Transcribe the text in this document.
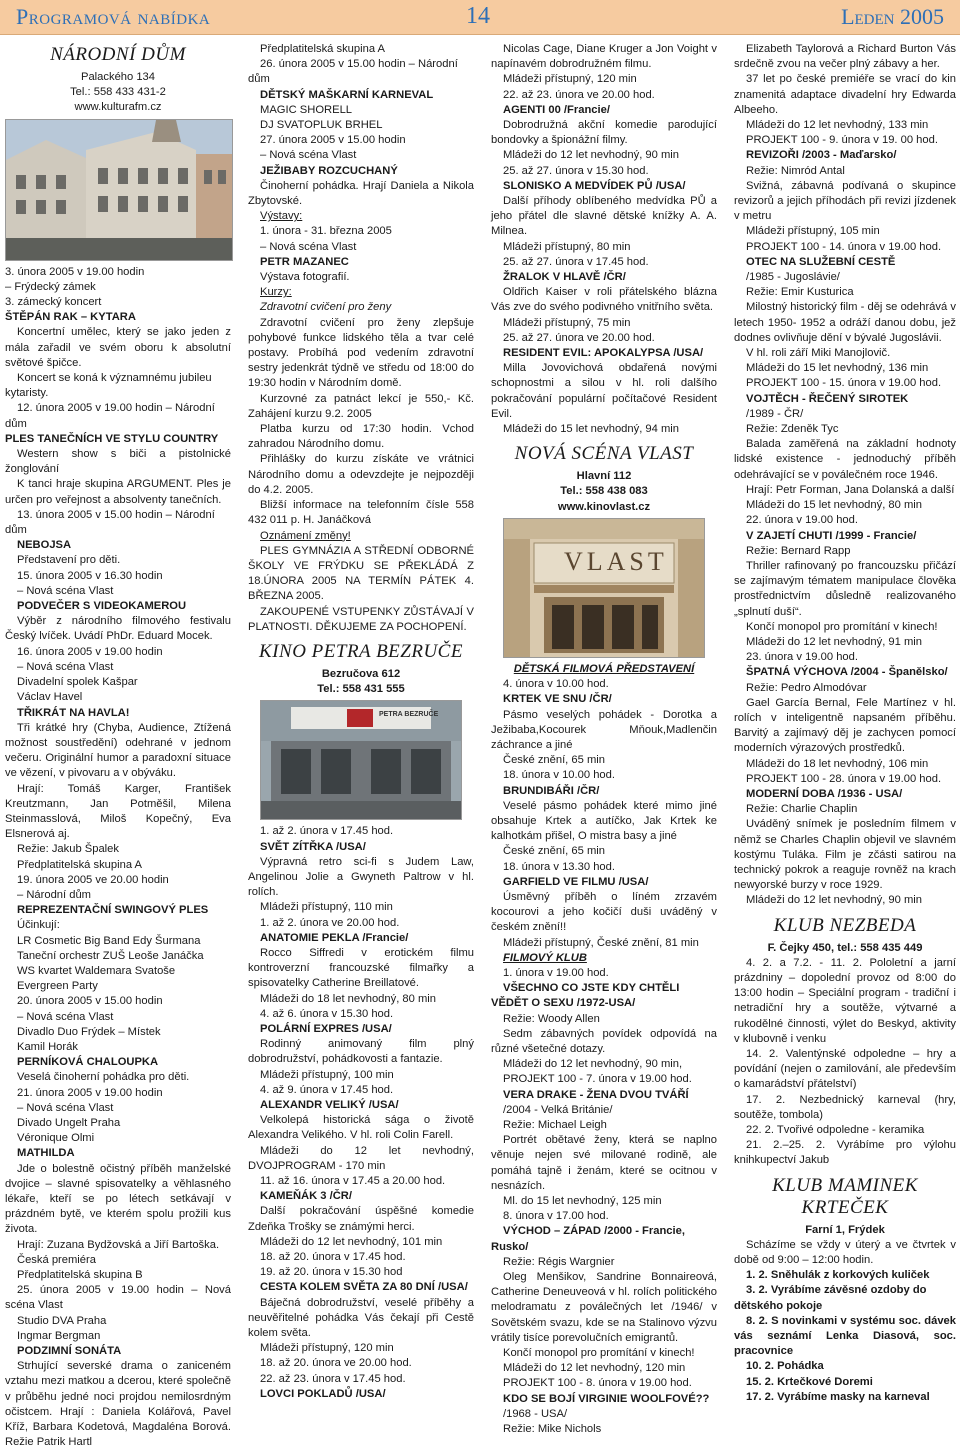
Programová nabídka	14	Leden 2005
NÁRODNÍ DŮM

Palackého 134

Tel.: 558 433 431-2

www.kulturafm.cz

3. února 2005 v 19.00 hodin

– Frýdecký zámek

3. zámecký koncert

ŠTĚPÁN RAK – KYTARA

Koncertní umělec, který se jako jeden z mála zařadil ve svém oboru k absolutní světové špičce.

Koncert se koná k významnému jubileu kytaristy.

12. února 2005 v 19.00 hodin – Národní dům

PLES TANEČNÍCH VE STYLU COUNTRY

Western show s biči a pistolnické žonglování

K tanci hraje skupina ARGUMENT. Ples je určen pro veřejnost a absolventy tanečních.

13. února 2005 v 15.00 hodin – Národní dům

NEBOJSA

Představení pro děti.

15. února 2005 v 16.30 hodin

– Nová scéna Vlast

PODVEČER S VIDEOKAMEROU

Výběr z národního filmového festivalu Český lvíček. Uvádí PhDr. Eduard Mocek.

16. února 2005 v 19.00 hodin

– Nová scéna Vlast

Divadelní spolek Kašpar

Václav Havel

TŘIKRÁT NA HAVLA!

Tři krátké hry (Chyba, Audience, Ztížená možnost soustředění) odehrané v jednom večeru. Originální humor a paradoxní situace ve vězení, v pivovaru a v obýváku.

Hrají: Tomáš Karger, František Kreutzmann, Jan Potměšil, Milena Steinmasslová, Miloš Kopečný, Eva Elsnerová aj.

Režie: Jakub Špalek

Předplatitelská skupina A

19. února 2005 ve 20.00 hodin

– Národní dům

REPREZENTAČNÍ SWINGOVÝ PLES

Účinkují:

LR Cosmetic Big Band Edy Šurmana

Taneční orchestr ZUŠ Leoše Janáčka

WS kvartet Waldemara Svatoše

Evergreen Party

20. února 2005 v 15.00 hodin

– Nová scéna Vlast

Divadlo Duo Frýdek – Místek

Kamil Horák

PERNÍKOVÁ CHALOUPKA

Veselá činoherní pohádka pro děti.

21. února 2005 v 19.00 hodin

– Nová scéna Vlast

Divado Ungelt Praha

Véronique Olmi

MATHILDA

Jde o bolestně očistný příběh manželské dvojice – slavné spisovatelky a věhlasného lékaře, kteří se po létech setkávají v prázdném bytě, ve kterém spolu prožili kus života.

Hrají: Zuzana Bydžovská a Jiří Bartoška.

Česká premiéra

Předplatitelská skupina B

25. února 2005 v 19.00 hodin – Nová scéna Vlast

Studio DVA Praha

Ingmar Bergman

PODZIMNÍ SONÁTA

Strhující severské drama o zaniceném vztahu mezi matkou a dcerou, které společně v průběhu jedné noci projdou nemilosrdným očistcem. Hrají : Daniela Kolářová, Pavel Kříž, Barbara Kodetová, Magdaléna Borová. Režie Patrik Hartl

Předplatitelská skupina A

26. února 2005 v 15.00 hodin – Národní dům

DĚTSKÝ MAŠKARNÍ KARNEVAL

MAGIC SHORELL

DJ SVATOPLUK BRHEL

27. února 2005 v 15.00 hodin

– Nová scéna Vlast

JEŽIBABY ROZCUCHANÝ

Činoherní pohádka. Hrají Daniela a Nikola Zbytovské.

Výstavy:

1. února - 31. března 2005

– Nová scéna Vlast

PETR MAZANEC

Výstava fotografií.

Kurzy:

Zdravotní cvičení pro ženy

Zdravotní cvičení pro ženy zlepšuje pohybové funkce lidského těla a tvar celé postavy. Probíhá pod vedením zdravotní sestry jedenkrát týdně ve středu od 18:00 do 19:30 hodin v Národním domě.

Kurzovné za patnáct lekcí je 550,- Kč. Zahájení kurzu 9.2. 2005

Platba kurzu od 17:30 hodin. Vchod zahradou Národního domu.

Přihlášky do kurzu získáte ve vrátnici Národního domu a odevzdejte je nejpozději do 4.2. 2005.

Bližší informace na telefonním čísle 558 432 011 p. H. Janáčková

Oznámení změny!

PLES GYMNÁZIA A STŘEDNÍ ODBORNÉ ŠKOLY VE FRÝDKU SE PŘEKLÁDÁ Z 18.ÚNORA 2005 NA TERMÍN PÁTEK 4. BŘEZNA 2005.

ZAKOUPENÉ VSTUPENKY ZŮSTÁVAJÍ V PLATNOSTI. DĚKUJEME ZA POCHOPENÍ.

KINO PETRA BEZRUČE

Bezručova 612

Tel.: 558 431 555

PETRA BEZRUČE

1. až 2. února v 17.45 hod.

SVĚT ZÍTŘKA /USA/

Výpravná retro sci-fi s Judem Law, Angelinou Jolie a Gwyneth Paltrow v hl. rolích.

Mládeži přístupný, 110 min

1. až 2. února ve 20.00 hod.

ANATOMIE PEKLA /Francie/

Rocco Siffredi v erotickém filmu kontroverzní francouzské filmařky a spisovatelky Catherine Breillatové.

Mládeži do 18 let nevhodný, 80 min

4. až 6. února v 15.30 hod.

POLÁRNÍ EXPRES /USA/

Rodinný animovaný film plný dobrodružství, pohádkovosti a fantazie.

Mládeži přístupný, 100 min

4. až 9. února v 17.45 hod.

ALEXANDR VELIKÝ /USA/

Velkolepá historická sága o životě Alexandra Velikého. V hl. roli Colin Farell.

Mládeži do 12 let nevhodný, DVOJPROGRAM - 170 min

11. až 16. února v 17.45 a 20.00 hod.

KAMEŇÁK 3 /ČR/

Další pokračování úspěšné komedie Zdeňka Trošky se známými herci.

Mládeži do 12 let nevhodný, 101 min

18. až 20. února v 17.45 hod.

19. až 20. února v 15.30 hod

CESTA KOLEM SVĚTA ZA 80 DNÍ /USA/

Báječná dobrodružství, veselé příběhy a neuvěřitelné pohádka Vás čekají při Cestě kolem světa.

Mládeži přístupný, 120 min

18. až 20. února ve 20.00 hod.

22. až 23. února v 17.45 hod.

LOVCI POKLADŮ /USA/

Nicolas Cage, Diane Kruger a Jon Voight v napínavém dobrodružném filmu.

Mládeži přístupný, 120 min

22. až 23. února ve 20.00 hod.

AGENTI 00 /Francie/

Dobrodružná akční komedie parodující bondovky a špionážní filmy.

Mládeži do 12 let nevhodný, 90 min

25. až 27. února v 15.30 hod.

SLONISKO A MEDVÍDEK PŮ /USA/

Další příhody oblíbeného medvídka PŮ a jeho přátel dle slavné dětské knížky A. A. Milnea.

Mládeži přístupný, 80 min

25. až 27. února v 17.45 hod.

ŽRALOK V HLAVĚ /ČR/

Oldřich Kaiser v roli přátelského blázna Vás zve do svého podivného vnitřního světa.

Mládeži přístupný, 75 min

25. až 27. února ve 20.00 hod.

RESIDENT EVIL: APOKALYPSA /USA/

Milla Jovovichová obdařená novými schopnostmi a silou v hl. roli dalšího pokračování populární počítačové Resident Evil.

Mládeži do 15 let nevhodný, 94 min

NOVÁ SCÉNA VLAST

Hlavní 112

Tel.: 558 438 083

www.kinovlast.cz

VLAST

DĚTSKÁ FILMOVÁ PŘEDSTAVENÍ

4. února v 10.00 hod.

KRTEK VE SNU /ČR/

Pásmo veselých pohádek - Dorotka a Ježibaba,Kocourek Mňouk,Madlenčin záchrance a jiné

České znění, 65 min

18. února v 10.00 hod.

BRUNDIBÁŘI /ČR/

Veselé pásmo pohádek které mimo jiné obsahuje Krtek a autíčko, Jak Krtek ke kalhotkám přišel, O mistra basy a jiné

České znění, 65 min

18. února v 13.30 hod.

GARFIELD VE FILMU /USA/

Úsměvný příběh o líném zrzavém kocourovi a jeho kočičí duši uváděný v českém znění!!

Mládeži přístupný, České znění, 81 min

FILMOVÝ KLUB

1. února v 19.00 hod.

VŠECHNO CO JSTE KDY CHTĚLI VĚDĚT O SEXU /1972-USA/

Režie: Woody Allen

Sedm zábavných povídek odpovídá na různé všetečné dotazy.

Mládeži do 12 let nevhodný, 90 min,

PROJEKT 100 - 7. února v 19.00 hod.

VERA DRAKE - ŽENA DVOU TVÁŘÍ

/2004 - Velká Británie/

Režie: Michael Leigh

Portrét obětavé ženy, která se naplno věnuje nejen své milované rodině, ale pomáhá tajně i ženám, které se ocitnou v nesnázích.

Ml. do 15 let nevhodný, 125 min

8. února v 17.00 hod.

VÝCHOD – ZÁPAD /2000 - Francie, Rusko/

Režie: Régis Wargnier

Oleg Menšikov, Sandrine Bonnaireová, Catherine Deneuveová v hl. rolích politického melodramatu z poválečných let /1946/ v Sovětském svazu, kde se na Stalinovo výzvu vrátily tisíce porevolučních emigrantů.

Končí monopol pro promítání v kinech!

Mládeži do 12 let nevhodný, 120 min

PROJEKT 100 - 8. února v 19.00 hod.

KDO SE BOJÍ VIRGINIE WOOLFOVÉ??

/1968 - USA/

Režie: Mike Nichols

Elizabeth Taylorová a Richard Burton Vás srdečně zvou na večer plný zábavy a her.

37 let po české premiéře se vrací do kin znamenitá adaptace divadelní hry Edwarda Albeeho.

Mládeži do 12 let nevhodný, 133 min

PROJEKT 100 - 9. února v 19. 00 hod.

REVIZOŘI /2003 - Maďarsko/

Režie: Nimród Antal

Svižná, zábavná podívaná o skupince revizorů a jejich příhodách při revizi jízdenek v metru

Mládeži přístupný, 105 min

PROJEKT 100 - 14. února v 19.00 hod.

OTEC NA SLUŽEBNÍ CESTĚ

/1985 - Jugoslávie/

Režie: Emir Kusturica

Milostný historický film - děj se odehrává v letech 1950- 1952 a odráží danou dobu, jež dodnes ovlivňuje dění v bývalé Jugoslávii.

V hl. roli září Miki Manojlovič.

Mládeži do 15 let nevhodný, 136 min

PROJEKT 100 - 15. února v 19.00 hod.

VOJTĚCH - ŘEČENÝ SIROTEK

/1989 - ČR/

Režie: Zdeněk Tyc

Balada zaměřená na základní hodnoty lidské existence - jednoduchý příběh odehrávající se v poválečném roce 1946.

Hrají: Petr Forman, Jana Dolanská a další

Mládeži do 15 let nevhodný, 80 min

22. února v 19.00 hod.

V ZAJETÍ CHUTI /1999 - Francie/

Režie: Bernard Rapp

Thriller rafinovaný po francouzsku přičází se zajímavým tématem manipulace člověka prostřednictvím důsledně realizovaného „splnutí duší“.

Končí monopol pro promítání v kinech!

Mládeži do 12 let nevhodný, 91 min

23. února v 19.00 hod.

ŠPATNÁ VÝCHOVA /2004 - Španělsko/

Režie: Pedro Almodóvar

Gael García Bernal, Fele Martínez v hl. rolích v inteligentně napsaném příběhu. Barvitý a zajímavý děj je zachycen pomocí moderních výrazových prostředků.

Mládeži do 18 let nevhodný, 106 min

PROJEKT 100 - 28. února v 19.00 hod.

MODERNÍ DOBA /1936 - USA/

Režie: Charlie Chaplin

Uváděný snímek je posledním filmem v němž se Charles Chaplin objevil ve slavném kostýmu Tuláka. Film je zčásti satirou na technický pokrok a reaguje rovněž na krach newyorské burzy v roce 1929.

Mládeži do 12 let nevhodný, 90 min

KLUB NEZBEDA

F. Čejky 450, tel.: 558 435 449

4. 2. a 7.2. - 11. 2. Pololetní a jarní prázdniny – dopolední provoz od 8:00 do 13:00 hodin – Speciální program - tradiční i netradiční hry a soutěže, výtvarné a rukodělné činnosti, výlet do Beskyd, aktivity v klubovně i venku

14. 2. Valentýnské odpoledne – hry a povídání (nejen o zamilování, ale především o kamarádství přátelství)

17. 2. Nezbednický karneval (hry, soutěže, tombola)

22. 2. Tvořivé odpoledne - keramika

21. 2.–25. 2. Vyrábíme pro výlohu knihkupectví Jakub

KLUB MAMINEK KRTEČEK

Farní 1, Frýdek

Scházíme se vždy v úterý a ve čtvrtek v době od 9:00 – 12:00 hodin.

1. 2. Sněhulák z korkových kuliček

3. 2. Vyrábíme závěsné ozdoby do dětského pokoje

8. 2. S novinkami v systému soc. dávek vás seznámí Lenka Diasová, soc. pracovnice

10. 2. Pohádka

15. 2. Krtečkové Doremi

17. 2. Vyrábíme masky na karneval
